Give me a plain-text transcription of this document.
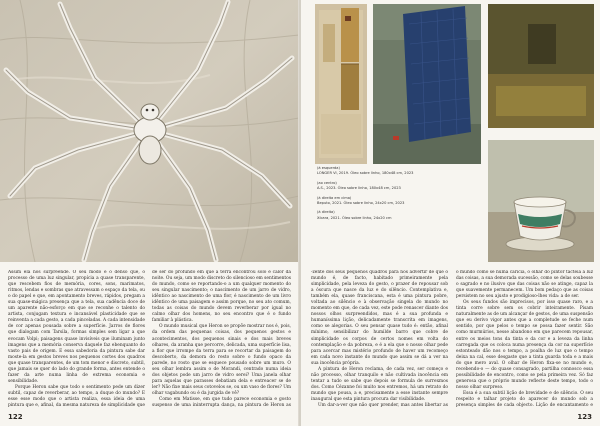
Assim ela nos surpreende. O seu modo é o denso que, o processo de uma luz singular, propícia a quase transparente, que rescebem fios de memória, cores, sons, marimatos, ritmos, lendas e sombras que atravessam o espaço da tela, ou o do papel e que, em apontamento breves, rápidos, pregam a sua quase-mágica presença que a tela, sua cadência doce de um aparente não-esforço em que se reconhe o talento do artista, conjugam textura e incansável plasticidade que se reinventa a cada gesto, a cada pinceladas. A cada intensidade de cor apenas pousada sobre a superfície. Jarros de flores que dialogam com Tarsila, formas simples sem ligar a que evocam Volpi; paisagens quase invisíveis que iluminam junto imagens que a memória conserva daquele faz ebenquanto do vasto pais de origem. E essa sabedoria da pintura sabe dar moste-la em gestos breves nos pequenos cortes dos quadros que quase transparentes, de um tom menor e discreto, subtil, que jamais se quer do lado do grande forma, antes entende o fazer da arte numa linha de extrema economia e sensibilidade.

Porque Heron sabe que todo o sentimento pede um dizer subtil, capaz de reverberar, ao tempo, a duque do mundo? E esse esse modo que o artista realiza, essa ideia de uma pintura que e, afinal, da mesma natureza de simplicidade que

de ser do profundo em que a terra encontrou solo e calor da noite. Ou seja, um modo discreto do silencioso em sentimentos do mundo, como se reportando-o a um qualquer momento do seu singular nascimento; o nascimento de um jarro de vidro, idêntico ao nascimento de uma flor, é nascimento de um livro idêntico de uma paisagem e assim porque, no seu ato comum, todas as coisas do mundo devem reverberar por igual no calmo olhar dos homens, no seu encontro que é o fundo familiar à plástica.

O mundo musical que Heron se propõe mostrar nos é, pois, da ordem das pequenas coisas, dos pequenos gestos e acontecimentos, dos pequenos sinais e dos mais breves olhares, da aranha que percorre, delicada, uma superfície lisa, a flor que irrompe da terra para se recortar da paisagem do descoberto, da demora do resto sobre o fundo opaco da parede, no rosto que se esquece pousado sobre um muro. O seu olhar lembra assim o de Morandi, centrado numa ideia dos objetos pode um jarro de vidro serei? Uma janela olhar para aquelas que parasses debatiam dela e entreacer se de ler? Não fixe mais seus cotovelos se, ou um vaso de flores? Um olhar vagabundo ou é da jurgida de vê?

Como em Matisse, em que tudo parece economia e gosto suspenso de uma ininterrupta dança, na pintura de Heron as

122
(à esquerda)
LONGER VI, 2019. Óleo sobre linho, 180x48 cm, 2023
(ao centro)
A.S., 2023. Óleo sobre linho, 180x48 cm, 2023
(à direita em cima)
Beputo, 2021. Óleo sobre linho, 24x20 cm, 2023
(à direita)
Xícara, 2021. Óleo sobre linho, 24x20 cm

-zente dos seus pequenos quadros para nos advertir de que o mundo é, de facto, habitado primeiramente pela simplicidade, pela leveza do gesto, o prazer de repousar sob a óscura que nasce da luz e do silêncio. Contemplativa e, também ela, quase franciscana, esta é uma pintura pobre, voltada ao silêncio e à observação singela do mundo no momento em que, de cada vez, este pode renascer diante dos nossos olhos surpreendidos, mas é a sua profunda e humaníssima lição, delicadamente transcrita em imagens, como se alegorias. O seu pensar quase tudo é: então, afinal mínimo, sensibilizar do humilde barro que cobre de simplicidade os corpos de certos nomes em volta do contemplação e da pobreza, e é a ela que o nosso olhar pede para acercar mas mistério profundo de haver um recomeço em cada novo instante do mundo que assim se dá a ver na sua inocência própria.

A pintura de Heron reclama, de cada vez, ser começo e não processo, olhar tranquilo e não cultivada inocência em tentar a tudo se sabe que depois se formula de surrexmos dos. Como Cézanne foi muito nos entremos, há um retrato do mundo que pousa, a e, precisamente a esse instante sempre inaugural que esta pintura procura dar visibilidade.

Um dar-a-ver que não quer prender, mas antes libertar as

o mundo como se numa carícia, o olhar do pintor tacteia a luz das coisas, a sua demorada sucessão, como se delas soubesse o sagrado e no ilusivo que das coisas não se atinge, capaz la que suavemente permanecem. Um bom pedaço que as coisas persistem no seu ajusto e prodigioso-lhes vida: a de ser.

Os seus fundos são imprecisos, por isso quase raro, e a tinta corre sobre sem os cobrir inteiramente. Pisam naturalmente as de um alcançar de gestos, de uma suspensão que eu derivo vigor antes que a completude se feche num sentido, por que pelos o tempo se possa fazer sentir. São como murmúrios, nesse abandono em que parecem repousar, entre os meios tons da tinta e da cor e a leveza da linha carregada que os coloca numa presença da cor na superfície estonteado dão nos o tempo, a poalha de luz que o tempo deixa na cal, esse desgaste que a tinta guarda toda e a mais do que mero aval. O olhar de Heron fixa-se no mundo e, recebendo-o — do quase consagrado, partilha connosco essa possibilidade de encontro, como se pela primeira vez. Só faz generosa que o próprio mundo reflecte deste tempo, todo o nosso olhar surpreso.

Essa é a sua subtil lição de brevidade e de silêncio. O seu respeito e talhar projeto do aparecer do mundo sob a presença simples de cada objecto. Lição de encantamento e

123
